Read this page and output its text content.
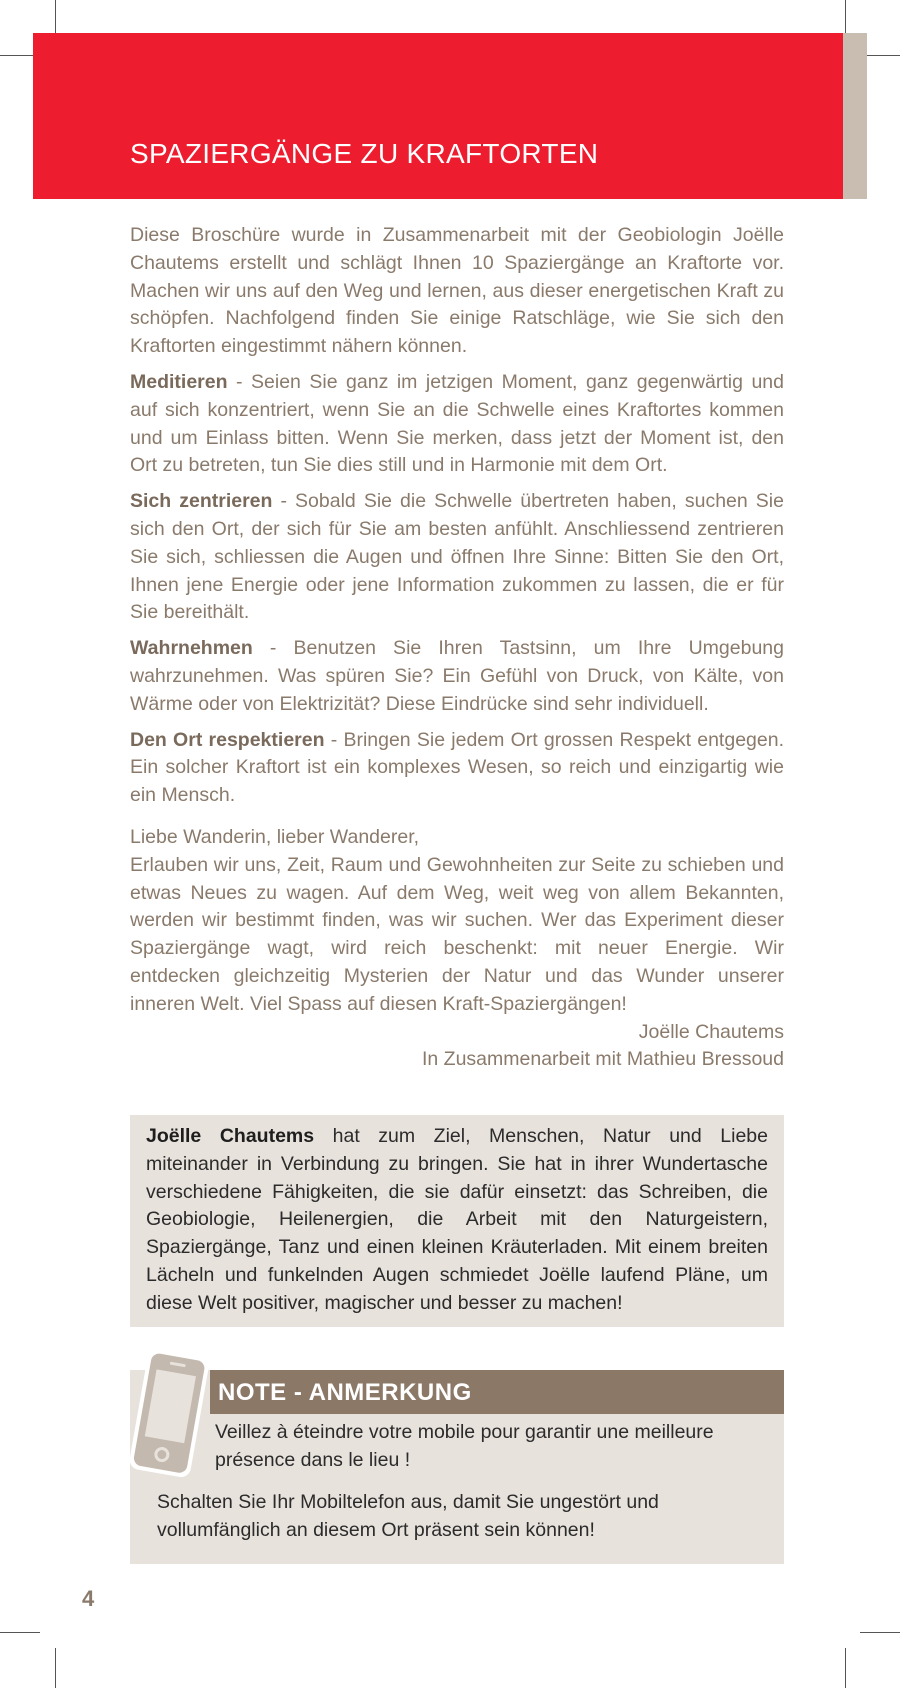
SPAZIERGÄNGE ZU KRAFTORTEN

Diese Broschüre wurde in Zusammenarbeit mit der Geobiologin Joëlle Chautems erstellt und schlägt Ihnen 10 Spaziergänge an Kraftorte vor. Machen wir uns auf den Weg und lernen, aus dieser energetischen Kraft zu schöpfen. Nachfolgend finden Sie einige Ratschläge, wie Sie sich den Kraftorten eingestimmt nähern können.

Meditieren - Seien Sie ganz im jetzigen Moment, ganz gegenwärtig und auf sich konzentriert, wenn Sie an die Schwelle eines Kraftortes kommen und um Einlass bitten. Wenn Sie merken, dass jetzt der Moment ist, den Ort zu betreten, tun Sie dies still und in Harmonie mit dem Ort.

Sich zentrieren - Sobald Sie die Schwelle übertreten haben, suchen Sie sich den Ort, der sich für Sie am besten anfühlt. Anschliessend zentrieren Sie sich, schliessen die Augen und öffnen Ihre Sinne: Bitten Sie den Ort, Ihnen jene Energie oder jene Information zukommen zu lassen, die er für Sie bereithält.

Wahrnehmen - Benutzen Sie Ihren Tastsinn, um Ihre Umgebung wahrzunehmen. Was spüren Sie? Ein Gefühl von Druck, von Kälte, von Wärme oder von Elektrizität? Diese Eindrücke sind sehr individuell.

Den Ort respektieren - Bringen Sie jedem Ort grossen Respekt entgegen. Ein solcher Kraftort ist ein komplexes Wesen, so reich und einzigartig wie ein Mensch.

Liebe Wanderin, lieber Wanderer,
Erlauben wir uns, Zeit, Raum und Gewohnheiten zur Seite zu schieben und etwas Neues zu wagen. Auf dem Weg, weit weg von allem Bekannten, werden wir bestimmt finden, was wir suchen. Wer das Experiment dieser Spaziergänge wagt, wird reich beschenkt: mit neuer Energie. Wir entdecken gleichzeitig Mysterien der Natur und das Wunder unserer inneren Welt. Viel Spass auf diesen Kraft-Spaziergängen!
Joëlle Chautems
In Zusammenarbeit mit Mathieu Bressoud
Joëlle Chautems hat zum Ziel, Menschen, Natur und Liebe miteinander in Verbindung zu bringen. Sie hat in ihrer Wundertasche verschiedene Fähigkeiten, die sie dafür einsetzt: das Schreiben, die Geobiologie, Heilenergien, die Arbeit mit den Naturgeistern, Spaziergänge, Tanz und einen kleinen Kräuterladen. Mit einem breiten Lächeln und funkelnden Augen schmiedet Joëlle laufend Pläne, um diese Welt positiver, magischer und besser zu machen!
NOTE - ANMERKUNG
Veillez à éteindre votre mobile pour garantir une meilleure présence dans le lieu !
Schalten Sie Ihr Mobiltelefon aus, damit Sie ungestört und vollumfänglich an diesem Ort präsent sein können!
4
